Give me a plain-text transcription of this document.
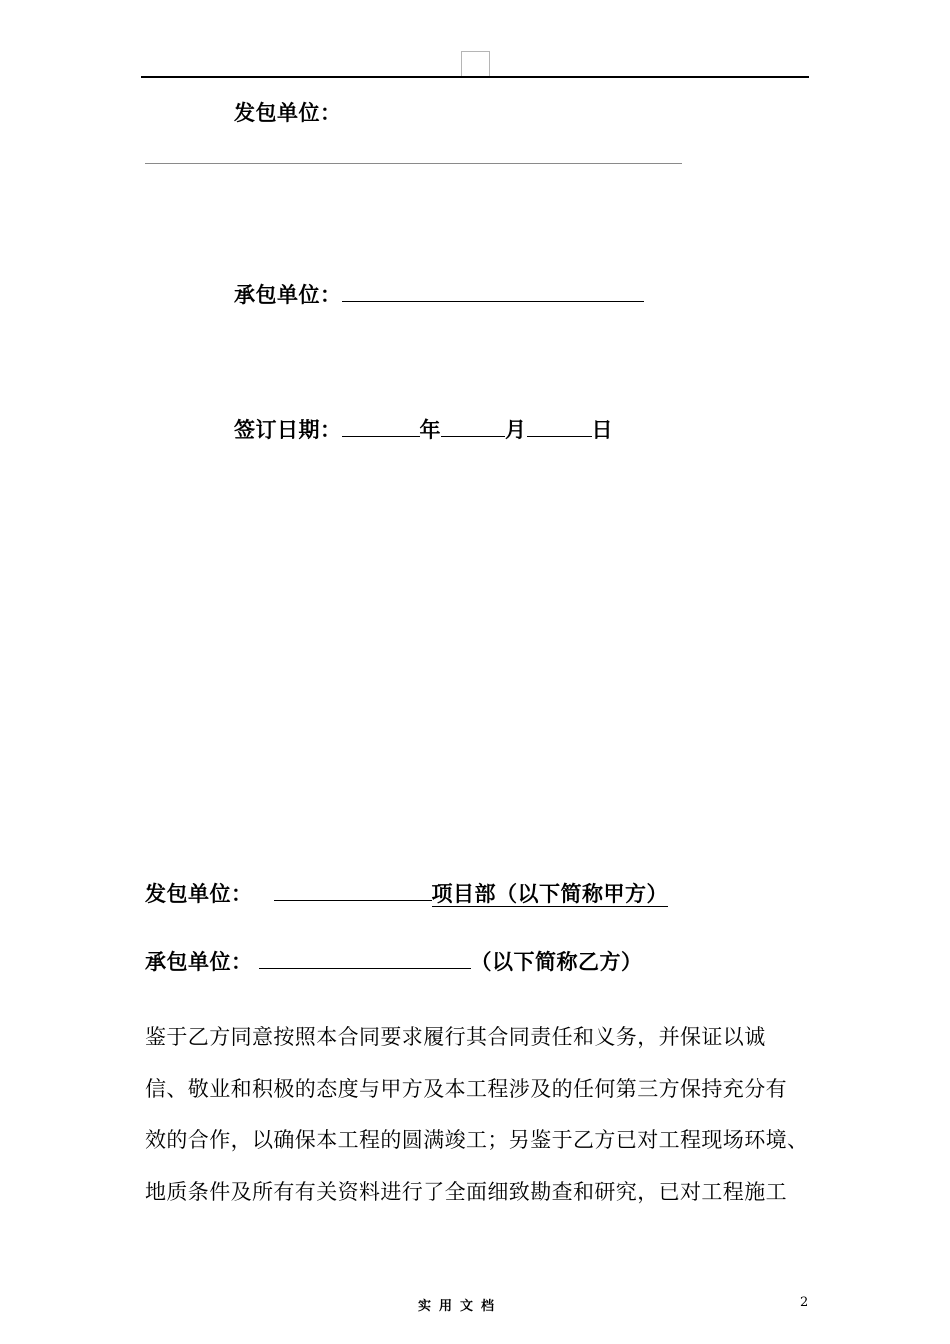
发包单位：
承包单位：
签订日期：	年	月	日
发包单位：	项目部（以下简称甲方）
承包单位：	（以下简称乙方）
鉴于乙方同意按照本合同要求履行其合同责任和义务，并保证以诚
信、敬业和积极的态度与甲方及本工程涉及的任何第三方保持充分有
效的合作，以确保本工程的圆满竣工；另鉴于乙方已对工程现场环境、
地质条件及所有有关资料进行了全面细致勘查和研究，已对工程施工
实用文档	2
